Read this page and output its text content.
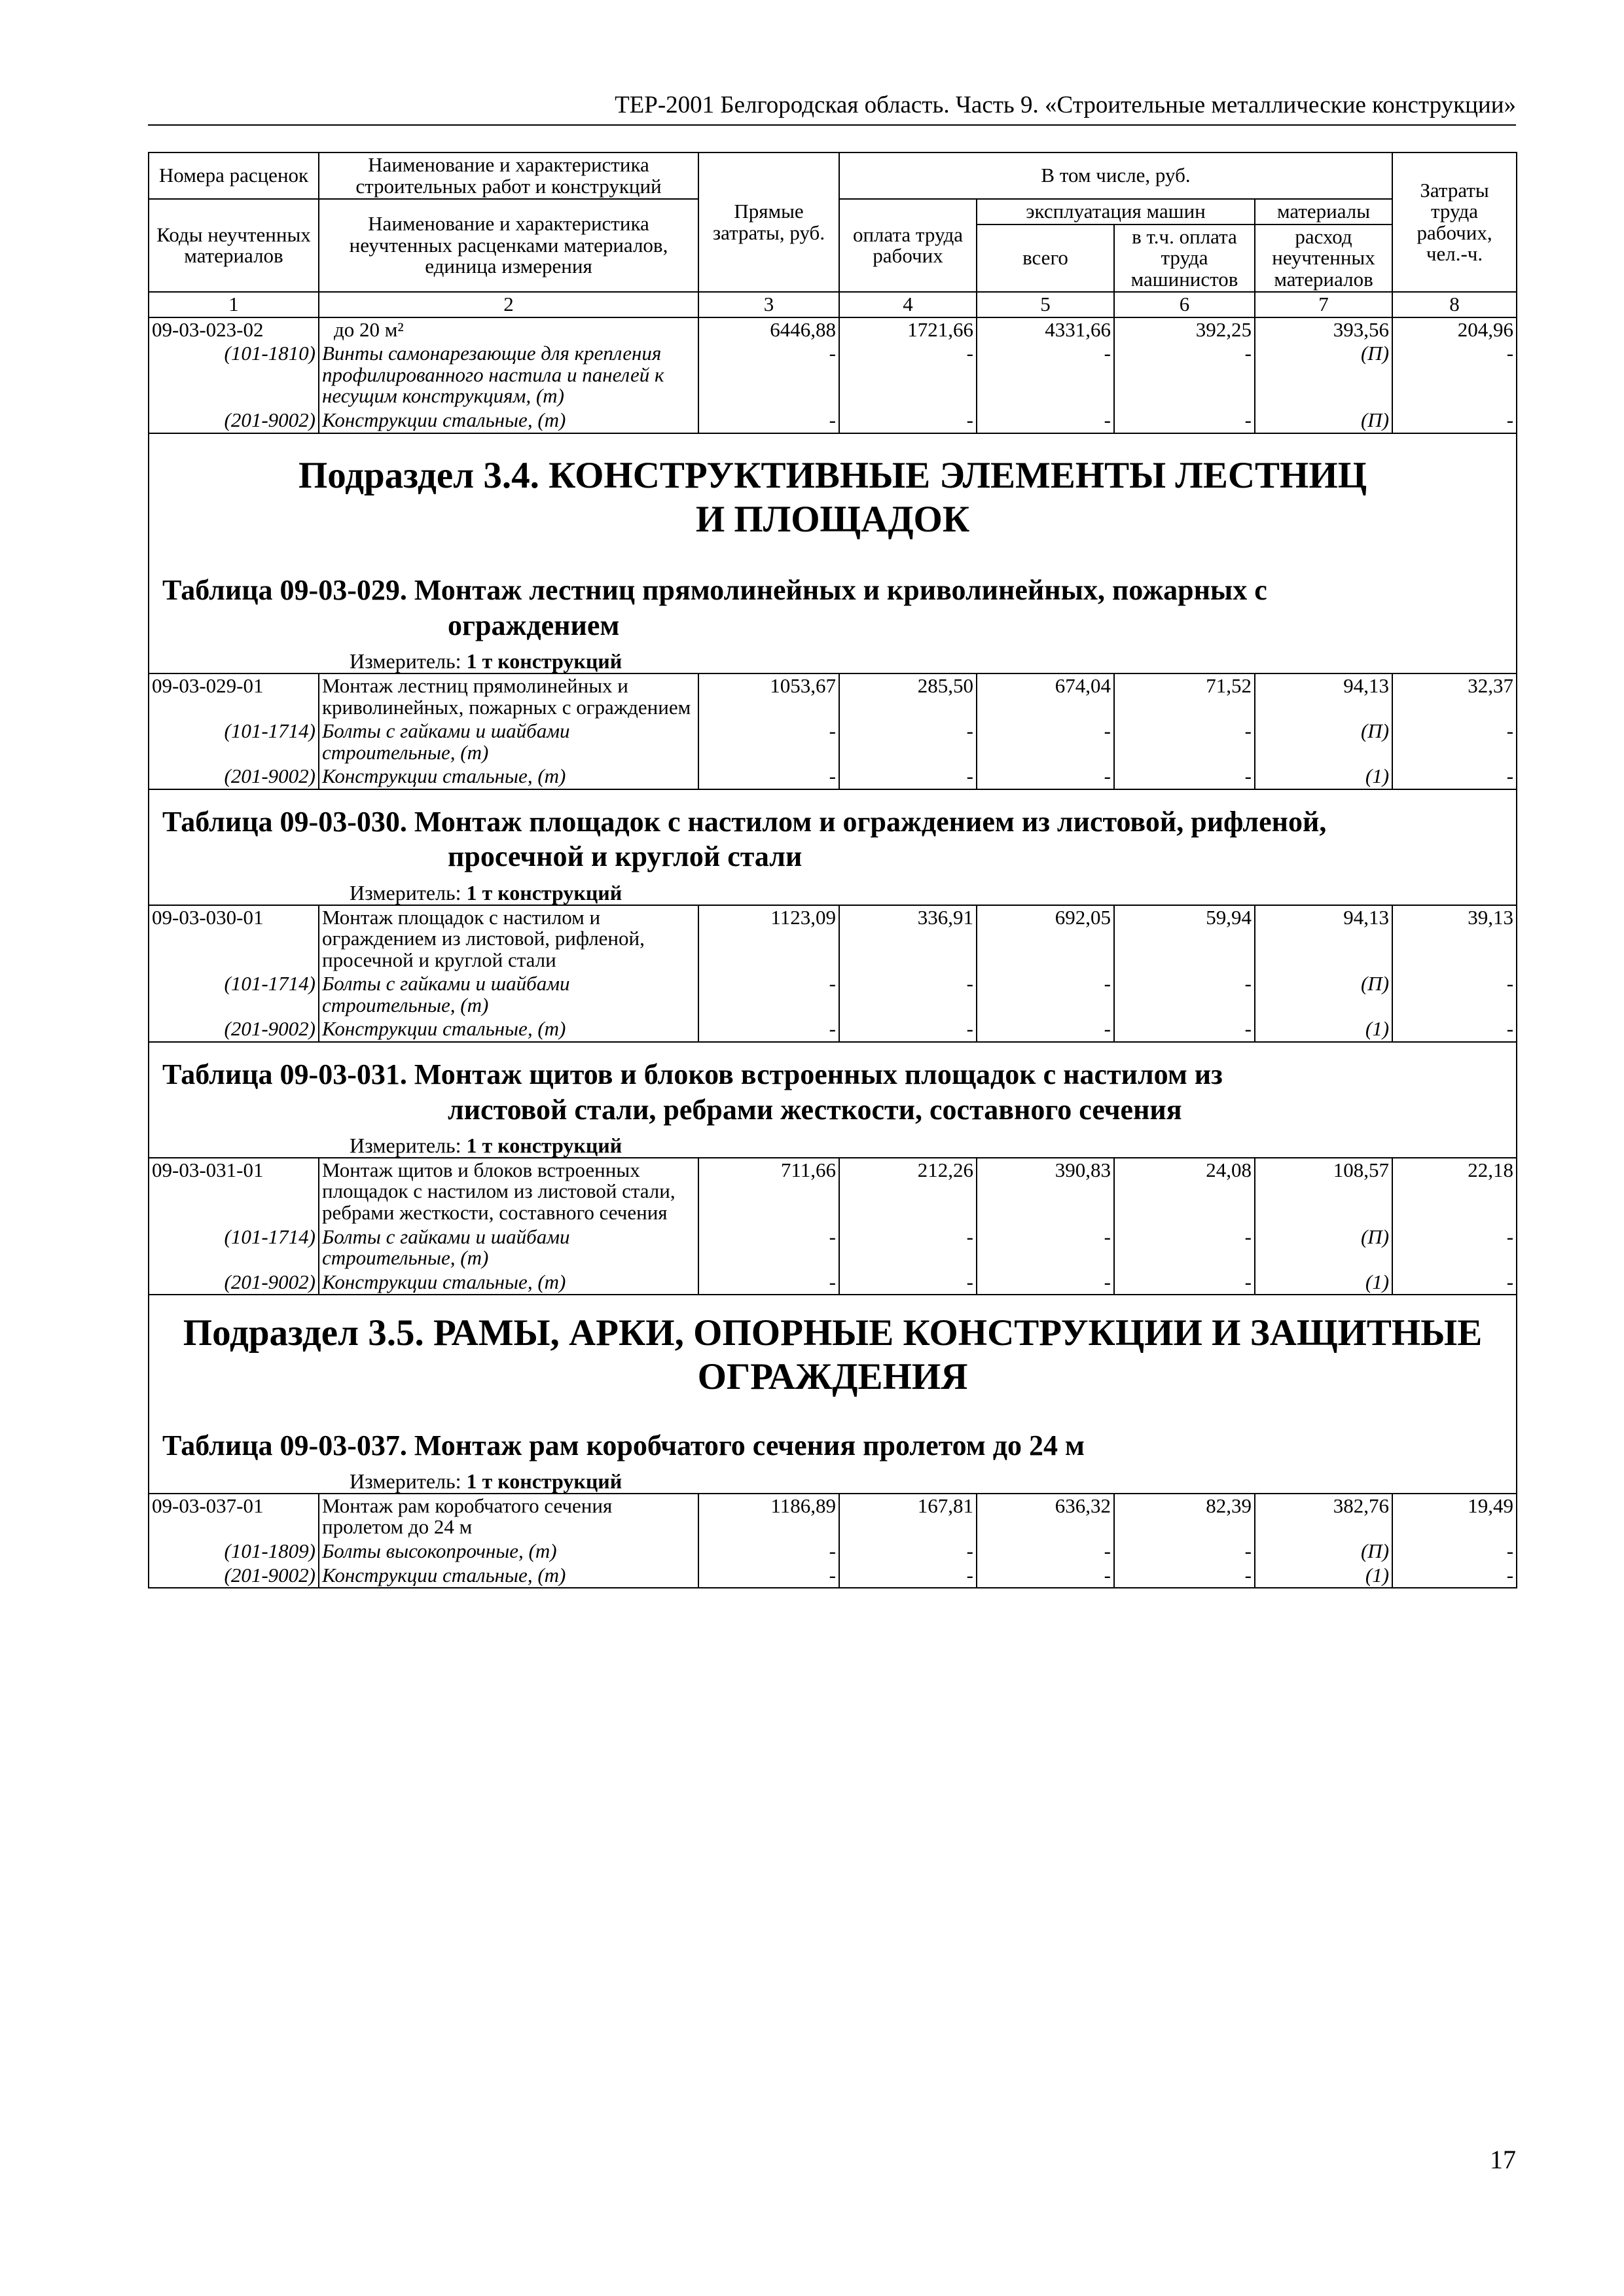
ТЕР-2001 Белгородская область. Часть 9. «Строительные металлические конструкции»
Номера расценок	Наименование и характеристика строительных работ и конструкций	Прямые затраты, руб.	В том числе, руб.				Затраты труда рабочих, чел.-ч.
Коды неучтенных материалов	Наименование и характеристика неучтенных расценками материалов, единица измерения		оплата труда рабочих	эксплуатация машин		материалы	
				всего	в т.ч. оплата труда машинистов	расход неучтенных материалов	
1	2	3	4	5	6	7	8
09-03-023-02	до 20 м²	6446,88	1721,66	4331,66	392,25	393,56	204,96
(101-1810)	Винты самонарезающие для крепления профилированного настила и панелей к несущим конструкциям, (т)	-	-	-	-	(П)	-
(201-9002)	Конструкции стальные, (т)	-	-	-	-	(П)	-

Подраздел 3.4. КОНСТРУКТИВНЫЕ ЭЛЕМЕНТЫ ЛЕСТНИЦ И ПЛОЩАДОК
Таблица 09-03-029. Монтаж лестниц прямолинейных и криволинейных, пожарных с
ограждением
Измеритель: 1 т конструкций							

09-03-029-01	Монтаж лестниц прямолинейных и криволинейных, пожарных с ограждением	1053,67	285,50	674,04	71,52	94,13	32,37
(101-1714)	Болты с гайками и шайбами строительные, (т)	-	-	-	-	(П)	-
(201-9002)	Конструкции стальные, (т)	-	-	-	-	(1)	-

Таблица 09-03-030. Монтаж площадок с настилом и ограждением из листовой, рифленой,
просечной и круглой стали
Измеритель: 1 т конструкций							

09-03-030-01	Монтаж площадок с настилом и ограждением из листовой, рифленой, просечной и круглой стали	1123,09	336,91	692,05	59,94	94,13	39,13
(101-1714)	Болты с гайками и шайбами строительные, (т)	-	-	-	-	(П)	-
(201-9002)	Конструкции стальные, (т)	-	-	-	-	(1)	-

Таблица 09-03-031. Монтаж щитов и блоков встроенных площадок с настилом из
листовой стали, ребрами жесткости, составного сечения
Измеритель: 1 т конструкций							

09-03-031-01	Монтаж щитов и блоков встроенных площадок с настилом из листовой стали, ребрами жесткости, составного сечения	711,66	212,26	390,83	24,08	108,57	22,18
(101-1714)	Болты с гайками и шайбами строительные, (т)	-	-	-	-	(П)	-
(201-9002)	Конструкции стальные, (т)	-	-	-	-	(1)	-

Подраздел 3.5. РАМЫ, АРКИ, ОПОРНЫЕ КОНСТРУКЦИИ И ЗАЩИТНЫЕ ОГРАЖДЕНИЯ
Таблица 09-03-037. Монтаж рам коробчатого сечения пролетом до 24 м
Измеритель: 1 т конструкций							

09-03-037-01	Монтаж рам коробчатого сечения пролетом до 24 м	1186,89	167,81	636,32	82,39	382,76	19,49
(101-1809)	Болты высокопрочные, (т)	-	-	-	-	(П)	-
(201-9002)	Конструкции стальные, (т)	-	-	-	-	(1)	-
17
